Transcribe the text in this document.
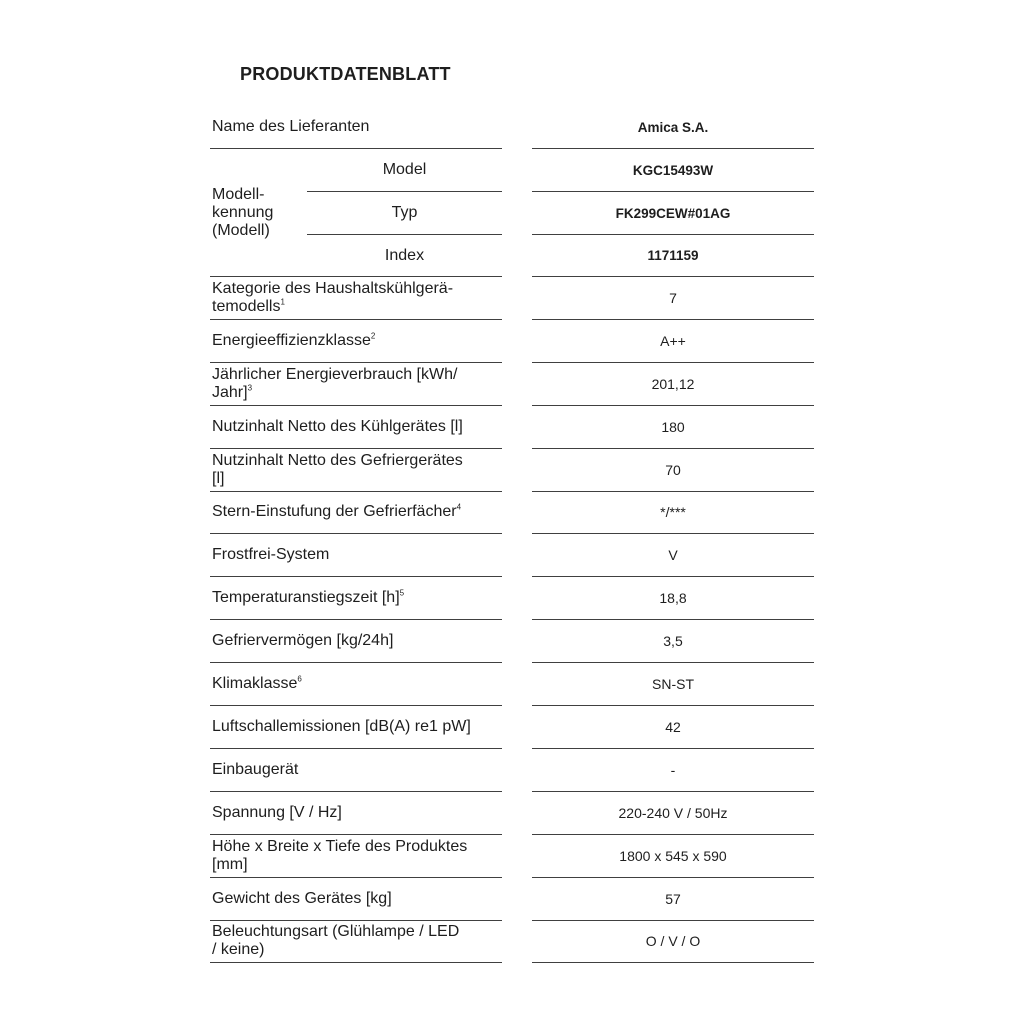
PRODUKTDATENBLATT
Name des Lieferanten	Amica S.A.
Modell-
kennung
(Modell)
Model	KGC15493W
Typ	FK299CEW#01AG
Index	1171159
Kategorie des Haushaltskühlgerä-
temodells$^1$	7
Energieeffizienzklasse$^2$	A++
Jährlicher Energieverbrauch [kWh/
Jahr]$^3$	201,12
Nutzinhalt Netto des Kühlgerätes [l]	180
Nutzinhalt Netto des Gefriergerätes
[l]	70
Stern-Einstufung der Gefrierfächer$^4$	*/***
Frostfrei-System	V
Temperaturanstiegszeit $[h]^5$	18,8
Gefriervermögen [kg/24h]	3,5
Klimaklasse$^6$	SN-ST
Luftschallemissionen [dB(A) re1 pW]	42
Einbaugerät	-
Spannung [V / Hz]	220-240 V / 50Hz
Höhe x Breite x Tiefe des Produktes
[mm]	1800 x 545 x 590
Gewicht des Gerätes [kg]	57
Beleuchtungsart (Glühlampe / LED
/ keine)	O / V / O
